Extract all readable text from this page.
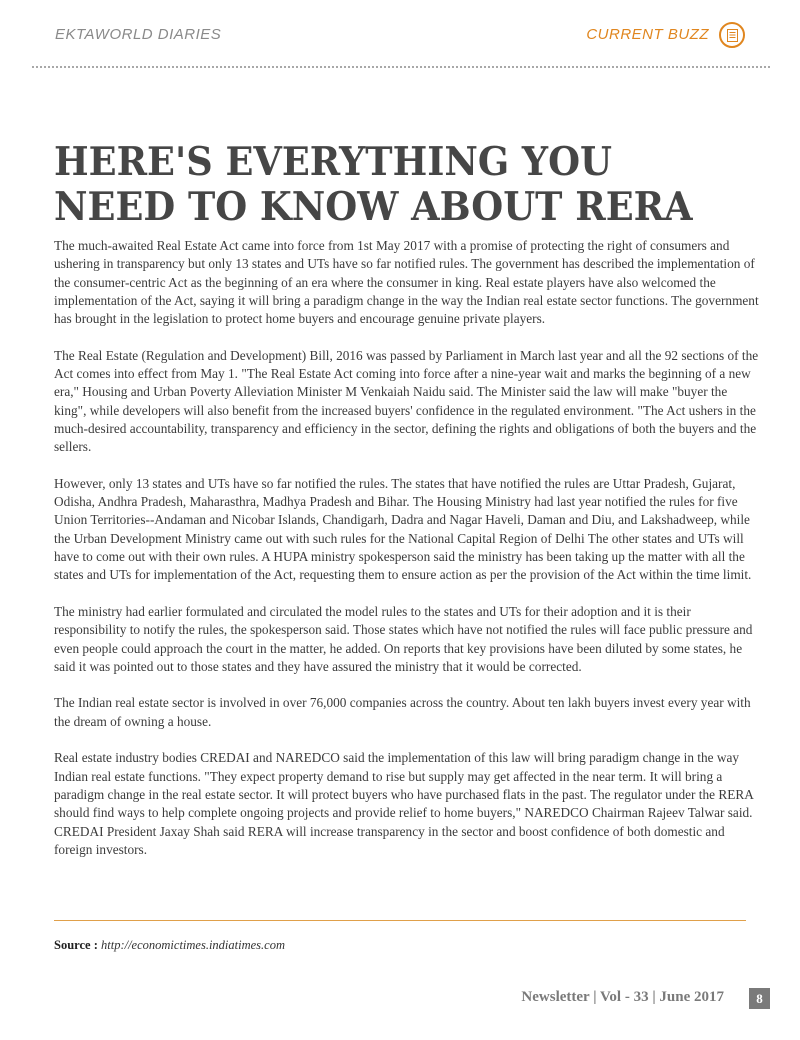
EKTAWORLD DIARIES	CURRENT BUZZ
HERE'S EVERYTHING YOU
NEED TO KNOW ABOUT RERA

The much-awaited Real Estate Act came into force from 1st May 2017 with a promise of protecting the right of consumers and ushering in transparency but only 13 states and UTs have so far notified rules. The government has described the implementation of the consumer-centric Act as the beginning of an era where the consumer in king. Real estate players have also welcomed the implementation of the Act, saying it will bring a paradigm change in the way the Indian real estate sector functions. The government has brought in the legislation to protect home buyers and encourage genuine private players.

The Real Estate (Regulation and Development) Bill, 2016 was passed by Parliament in March last year and all the 92 sections of the Act comes into effect from May 1. "The Real Estate Act coming into force after a nine-year wait and marks the beginning of a new era," Housing and Urban Poverty Alleviation Minister M Venkaiah Naidu said. The Minister said the law will make "buyer the king", while developers will also benefit from the increased buyers' confidence in the regulated environment. "The Act ushers in the much-desired accountability, transparency and efficiency in the sector, defining the rights and obligations of both the buyers and the sellers.

However, only 13 states and UTs have so far notified the rules. The states that have notified the rules are Uttar Pradesh, Gujarat, Odisha, Andhra Pradesh, Maharasthra, Madhya Pradesh and Bihar. The Housing Ministry had last year notified the rules for five Union Territories--Andaman and Nicobar Islands, Chandigarh, Dadra and Nagar Haveli, Daman and Diu, and Lakshadweep, while the Urban Development Ministry came out with such rules for the National Capital Region of Delhi The other states and UTs will have to come out with their own rules. A HUPA ministry spokesperson said the ministry has been taking up the matter with all the states and UTs for implementation of the Act, requesting them to ensure action as per the provision of the Act within the time limit.

The ministry had earlier formulated and circulated the model rules to the states and UTs for their adoption and it is their responsibility to notify the rules, the spokesperson said. Those states which have not notified the rules will face public pressure and even people could approach the court in the matter, he added. On reports that key provisions have been diluted by some states, he said it was pointed out to those states and they have assured the ministry that it would be corrected.

The Indian real estate sector is involved in over 76,000 companies across the country. About ten lakh buyers invest every year with the dream of owning a house.

Real estate industry bodies CREDAI and NAREDCO said the implementation of this law will bring paradigm change in the way Indian real estate functions. "They expect property demand to rise but supply may get affected in the near term. It will bring a paradigm change in the real estate sector. It will protect buyers who have purchased flats in the past. The regulator under the RERA should find ways to help complete ongoing projects and provide relief to home buyers," NAREDCO Chairman Rajeev Talwar said. CREDAI President Jaxay Shah said RERA will increase transparency in the sector and boost confidence of both domestic and foreign investors.

Source : http://economictimes.indiatimes.com
Newsletter | Vol - 33 | June 2017	8
